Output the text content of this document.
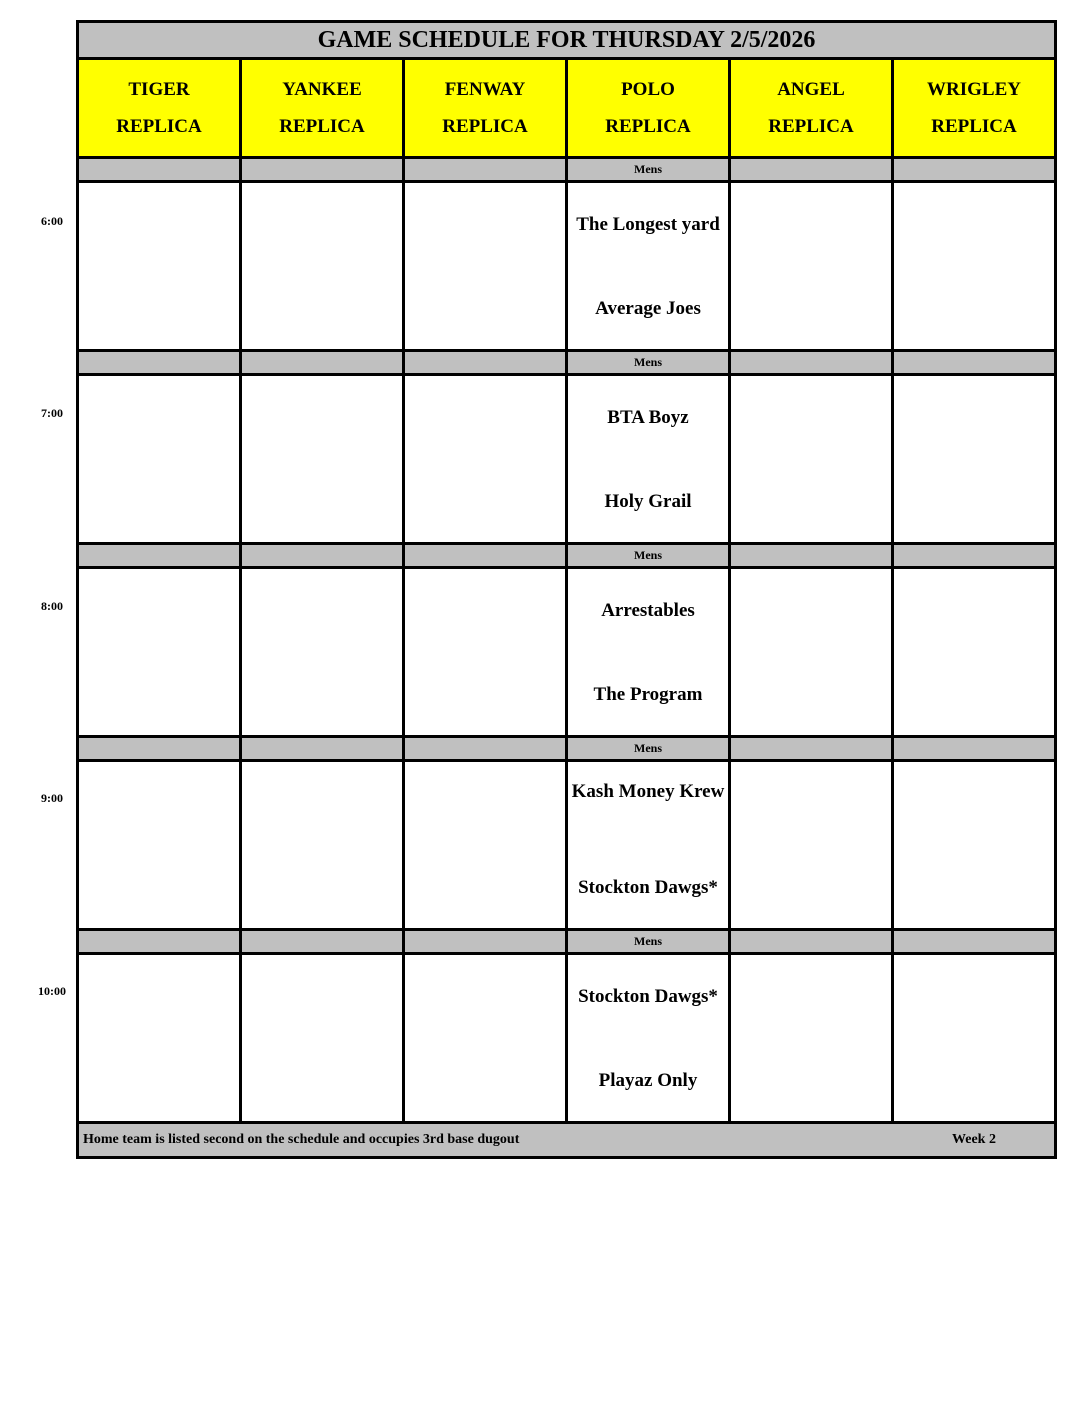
6:00
7:00
8:00
9:00
10:00
GAME SCHEDULE FOR THURSDAY 2/5/2026
TIGER
REPLICA
YANKEE
REPLICA
FENWAY
REPLICA
POLO
REPLICA
ANGEL
REPLICA
WRIGLEY
REPLICA
Mens
The Longest yard
Average Joes
Mens
BTA Boyz
Holy Grail
Mens
Arrestables
The Program
Mens
Kash Money Krew
Stockton Dawgs*
Mens
Stockton Dawgs*
Playaz Only
Home team is listed second on the schedule and occupies 3rd base dugout	Week 2
